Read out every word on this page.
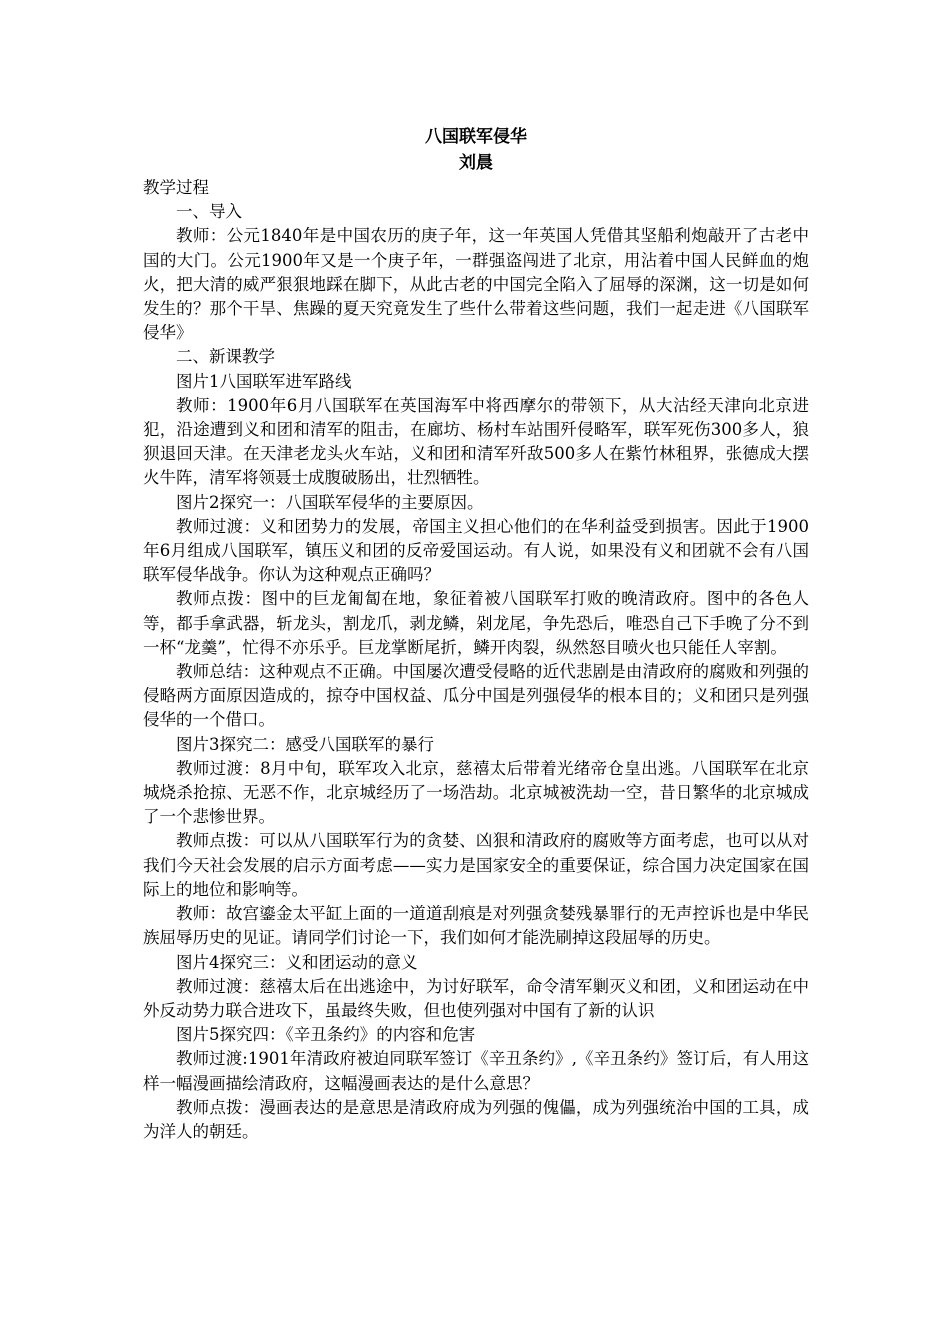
八国联军侵华
刘晨
教学过程
一、导入
教师：公元1840年是中国农历的庚子年，这一年英国人凭借其坚船利炮敲开了古老中国的大门。公元1900年又是一个庚子年，一群强盗闯进了北京，用沾着中国人民鲜血的炮火，把大清的威严狠狠地踩在脚下，从此古老的中国完全陷入了屈辱的深渊，这一切是如何发生的？那个干旱、焦躁的夏天究竟发生了些什么带着这些问题，我们一起走进《八国联军侵华》
二、新课教学
图片1八国联军进军路线
教师：1900年6月八国联军在英国海军中将西摩尔的带领下，从大沽经天津向北京进犯，沿途遭到义和团和清军的阻击，在廊坊、杨村车站围歼侵略军，联军死伤300多人，狼狈退回天津。在天津老龙头火车站，义和团和清军歼敌500多人在紫竹林租界，张德成大摆火牛阵，清军将领聂士成腹破肠出，壮烈牺牲。
图片2探究一：八国联军侵华的主要原因。
教师过渡：义和团势力的发展，帝国主义担心他们的在华利益受到损害。因此于1900年6月组成八国联军，镇压义和团的反帝爱国运动。有人说，如果没有义和团就不会有八国联军侵华战争。你认为这种观点正确吗？
教师点拨：图中的巨龙匍匐在地，象征着被八国联军打败的晚清政府。图中的各色人等，都手拿武器，斩龙头，割龙爪，剥龙鳞，剁龙尾，争先恐后，唯恐自己下手晚了分不到一杯“龙羹”，忙得不亦乐乎。巨龙掌断尾折，鳞开肉裂，纵然怒目喷火也只能任人宰割。
教师总结：这种观点不正确。中国屡次遭受侵略的近代悲剧是由清政府的腐败和列强的侵略两方面原因造成的，掠夺中国权益、瓜分中国是列强侵华的根本目的；义和团只是列强侵华的一个借口。
图片3探究二：感受八国联军的暴行
教师过渡：8月中旬，联军攻入北京，慈禧太后带着光绪帝仓皇出逃。八国联军在北京城烧杀抢掠、无恶不作，北京城经历了一场浩劫。北京城被洗劫一空，昔日繁华的北京城成了一个悲惨世界。
教师点拨：可以从八国联军行为的贪婪、凶狠和清政府的腐败等方面考虑，也可以从对我们今天社会发展的启示方面考虑——实力是国家安全的重要保证，综合国力决定国家在国际上的地位和影响等。
教师：故宫鎏金太平缸上面的一道道刮痕是对列强贪婪残暴罪行的无声控诉也是中华民族屈辱历史的见证。请同学们讨论一下，我们如何才能洗刷掉这段屈辱的历史。
图片4探究三：义和团运动的意义
教师过渡：慈禧太后在出逃途中，为讨好联军，命令清军剿灭义和团，义和团运动在中外反动势力联合进攻下，虽最终失败，但也使列强对中国有了新的认识
图片5探究四：《辛丑条约》的内容和危害
教师过渡:1901年清政府被迫同联军签订《辛丑条约》,《辛丑条约》签订后，有人用这样一幅漫画描绘清政府，这幅漫画表达的是什么意思？
教师点拨：漫画表达的是意思是清政府成为列强的傀儡，成为列强统治中国的工具，成为洋人的朝廷。
